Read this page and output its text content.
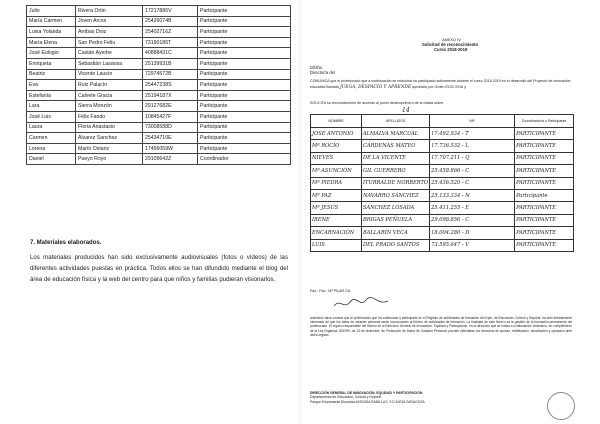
Julio	Rivera Ortin	17217886V	Participante
María Carmen	Joven Arcos	25426074B	Participante
Luisa Yolanda	Arribas Doiz	25402716Z	Participante
María Elena	San Pedro Feliu	73190186T	Participante
José Eulogio	Castán Ayerbe	40888431C	Participante
Enriqueta	Sebastián Lasaosa	25139931B	Participante
Beatriz	Vicente Lausín	72974572B	Participante
Eva	Ruiz Palacín	25447238S	Participante
Estefanía	Calvete Gracia	25194187X	Participante
Lara	Sierra Monzón	29127682E	Participante
José Luis	Félix Fando	10845427F	Participante
Laura	Floria Anastasio	73008588D	Participante
Carmen	Álvarez Sanchez	25434710E	Participante
Lorena	Marín Ostariz	17456059W	Participante
Daniel	Pueyo Royo	29109642Z	Coordinador

7. Materiales elaborados.

Los materiales producidos han sido exclusivamente audiovisuales (fotos o vídeos) de las diferentes actividades puestas en práctica. Todos ellos se han difundido mediante el blog del área de educación física y la web del centro para que niños y familias pudieran visionarlos.

ANEXO IV

Solicitud de reconocimiento

Curso 2018-2019

D/Dña.

Director/a del

COMUNICA que el profesorado que a continuación se relaciona ha participado activamente durante el curso 2018-2019 en el desarrollo del Proyecto de innovación educativa llamado JUEGA, DESPACIO Y APRENDE aprobado por Orden ECD/ 2018 y

SOLICITA su reconocimiento de acuerdo al punto decimoprimero de la citada orden.

14

NOMBRE	APELLIDOS	NIF	Coordinador/a o Participante
JOSÉ ANTONIO	ALMALVA MARCUAL	17.492.934 - T	PARTICIPANTE
Mª ROCÍO	CÁRDENAS MATEO	17.736.532 - L	PARTICIPANTE
NIEVES	DE LA VICENTE	17.707.211 - Q	PARTICIPANTE
Mª ASUNCIÓN	GIL GUERRERO	25.458.866 - C	PARTICIPANTE
Mª PIEDRA	ITURRALDE NORBERTO	25.436.520 - C	PARTICIPANTE
Mª PAZ	NAVARRO SÁNCHEZ	25.133.334 - N	Participante
Mª JESÚS	SÁNCHEZ LOSADA	25.411.255 - E	PARTICIPANTE
IRENE	BRIGAS PEÑUELA	29.098.856 - C	PARTICIPANTE
ENCARNACIÓN	BALLARÍN VECA	18.004.280 - D	PARTICIPANTE
LUIS	DEL PRADO SANTOS	73.595.647 - V	PARTICIPANTE

Fdo.: Fdo.: Mª PILAR GIL

Asimismo hace constar que el profesorado que ha colaborado y participado en el Registro de actividades de formación del Dpto. de Educación, Cultura y Deporte, ha sido debidamente informado de que los datos de carácter personal serán incorporados al fichero de actividades de formación. La finalidad de este fichero es la gestión de la formación permanente del profesorado. El órgano responsable del fichero es la Dirección General de Innovación, Equidad y Participación, en la dirección que se indica a continuación. Asimismo, en cumplimiento de la Ley Orgánica 15/1999, de 13 de diciembre, de Protección de Datos de Carácter Personal, pueden ejercitarse los derechos de acceso, rectificación, cancelación y oposición ante dicho órgano.

DIRECCIÓN GENERAL DE INNOVACIÓN, EQUIDAD Y PARTICIPACIÓN
Departamento de Educación, Cultura y Deporte
Parque Empresarial Dinamiza AVENIDA RANILLAS, 5 D 50018 ZARAGOZA
